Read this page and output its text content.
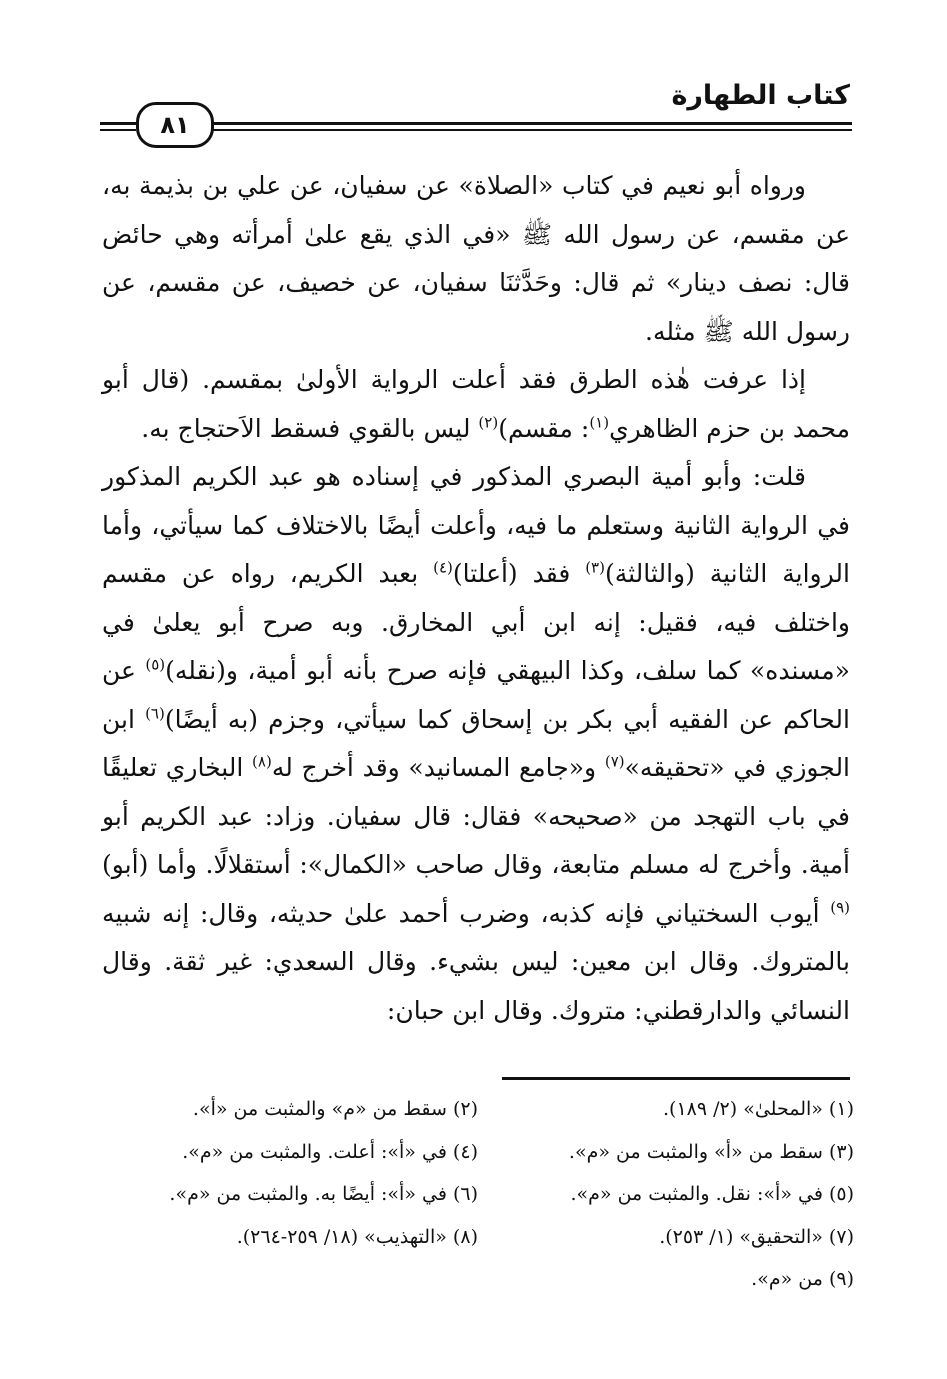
كتاب الطهارة
٨١

ورواه أبو نعيم في كتاب «الصلاة» عن سفيان، عن علي بن بذيمة به، عن مقسم، عن رسول الله ﷺ «في الذي يقع علىٰ أمرأته وهي حائض قال: نصف دينار» ثم قال: وحَدَّثنَا سفيان، عن خصيف، عن مقسم، عن رسول الله ﷺ مثله.

إذا عرفت هٰذه الطرق فقد أعلت الرواية الأولىٰ بمقسم. (قال أبو محمد بن حزم الظاهري$^{(١)}$: مقسم)$^{(٢)}$ ليس بالقوي فسقط الاَحتجاج به.

قلت: وأبو أمية البصري المذكور في إسناده هو عبد الكريم المذكور في الرواية الثانية وستعلم ما فيه، وأعلت أيضًا بالاختلاف كما سيأتي، وأما الرواية الثانية (والثالثة)$^{(٣)}$ فقد (أعلتا)$^{(٤)}$ بعبد الكريم، رواه عن مقسم واختلف فيه، فقيل: إنه ابن أبي المخارق. وبه صرح أبو يعلىٰ في «مسنده» كما سلف، وكذا البيهقي فإنه صرح بأنه أبو أمية، و(نقله)$^{(٥)}$ عن الحاكم عن الفقيه أبي بكر بن إسحاق كما سيأتي، وجزم (به أيضًا)$^{(٦)}$ ابن الجوزي في «تحقيقه»$^{(٧)}$ و«جامع المسانيد» وقد أخرج له$^{(٨)}$ البخاري تعليقًا في باب التهجد من «صحيحه» فقال: قال سفيان. وزاد: عبد الكريم أبو أمية. وأخرج له مسلم متابعة، وقال صاحب «الكمال»: أستقلالًا. وأما (أبو)$^{(٩)}$ أيوب السختياني فإنه كذبه، وضرب أحمد علىٰ حديثه، وقال: إنه شبيه بالمتروك. وقال ابن معين: ليس بشيء. وقال السعدي: غير ثقة. وقال النسائي والدارقطني: متروك. وقال ابن حبان:

(١) «المحلىٰ» (٢/ ١٨٩).
(٢) سقط من «م» والمثبت من «أ».
(٣) سقط من «أ» والمثبت من «م».
(٤) في «أ»: أعلت. والمثبت من «م».
(٥) في «أ»: نقل. والمثبت من «م».
(٦) في «أ»: أيضًا به. والمثبت من «م».
(٧) «التحقيق» (١/ ٢٥٣).
(٨) «التهذيب» (١٨/ ٢٥٩-٢٦٤).
(٩) من «م».
